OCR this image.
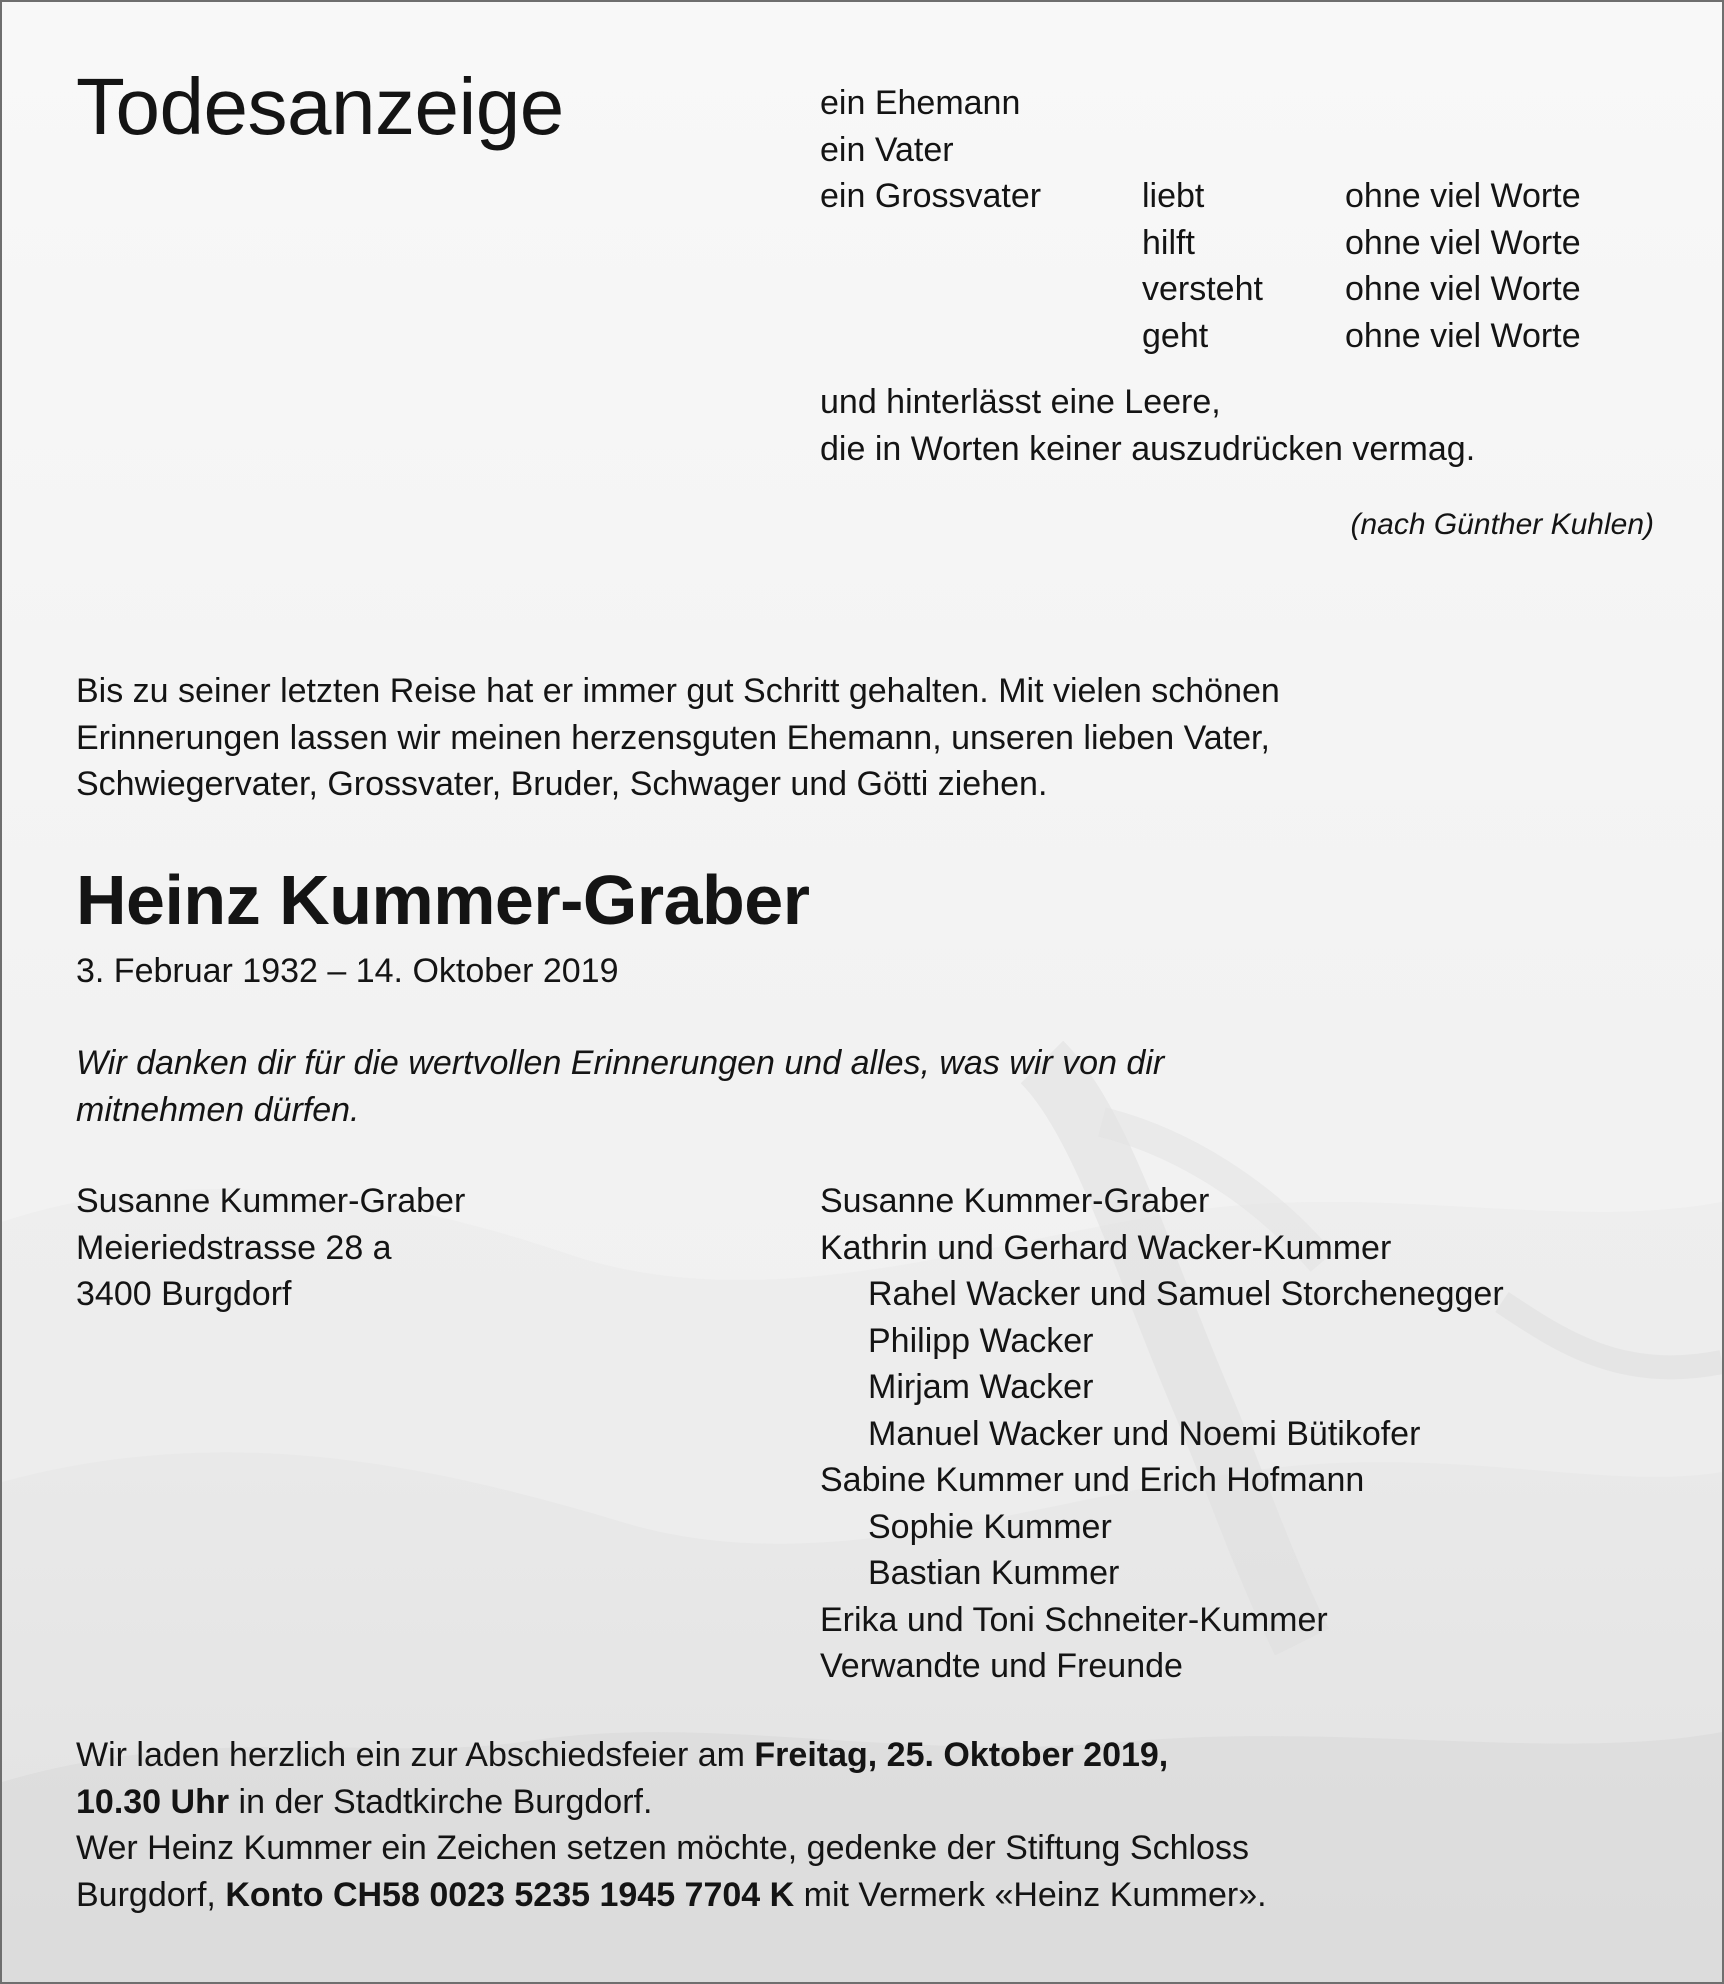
Todesanzeige	ein Ehemann
ein Vater
ein Grossvater	liebt	ohne viel Worte
hilft	ohne viel Worte
versteht ohne viel Worte
geht	ohne viel Worte
und hinterlässt eine Leere,
die in Worten keiner auszudrücken vermag.
(nach Günther Kuhlen)
Bis zu seiner letzten Reise hat er immer gut Schritt gehalten. Mit vielen schönen
Erinnerungen lassen wir meinen herzensguten Ehemann, unseren lieben Vater,
Schwiegervater, Grossvater, Bruder, Schwager und Götti ziehen.
Heinz Kummer-Graber
3. Februar 1932 – 14. Oktober 2019
Wir danken dir für die wertvollen Erinnerungen und alles, was wir von dir
mitnehmen dürfen.
Susanne Kummer-Graber
Meieriedstrasse 28 a
3400 Burgdorf
Susanne Kummer-Graber
Kathrin und Gerhard Wacker-Kummer
Rahel Wacker und Samuel Storchenegger
Philipp Wacker
Mirjam Wacker
Manuel Wacker und Noemi Bütikofer
Sabine Kummer und Erich Hofmann
Sophie Kummer
Bastian Kummer
Erika und Toni Schneiter-Kummer
Verwandte und Freunde
Wir laden herzlich ein zur Abschiedsfeier am Freitag, 25. Oktober 2019,
10.30 Uhr in der Stadtkirche Burgdorf.
Wer Heinz Kummer ein Zeichen setzen möchte, gedenke der Stiftung Schloss
Burgdorf, Konto CH58 0023 5235 1945 7704 K mit Vermerk «Heinz Kummer».
